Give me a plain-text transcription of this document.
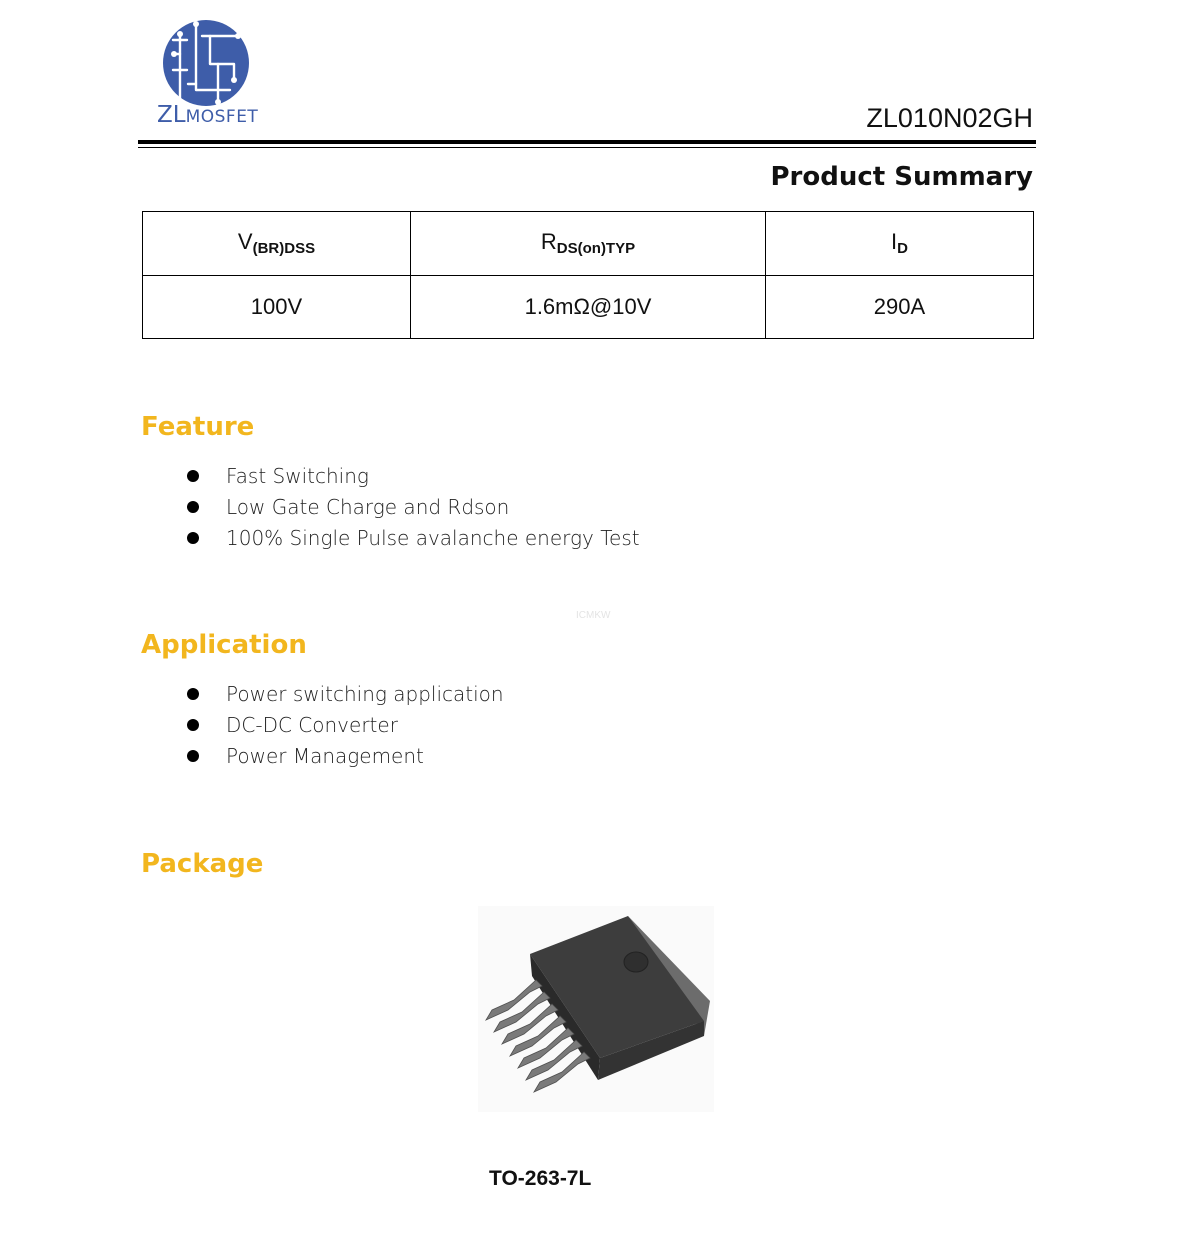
ZLMOSFET	ZL010N02GH
Product Summary
$V_{(BR)DSS}$	$R_{DS(on)TYP}$	$I_D$
100V	1.6mΩ@10V	290A
Feature
Fast Switching
Low Gate Charge and Rdson
100% Single Pulse avalanche energy Test
ICMKW
Application
Power switching application
DC-DC Converter
Power Management
Package
TO-263-7L
